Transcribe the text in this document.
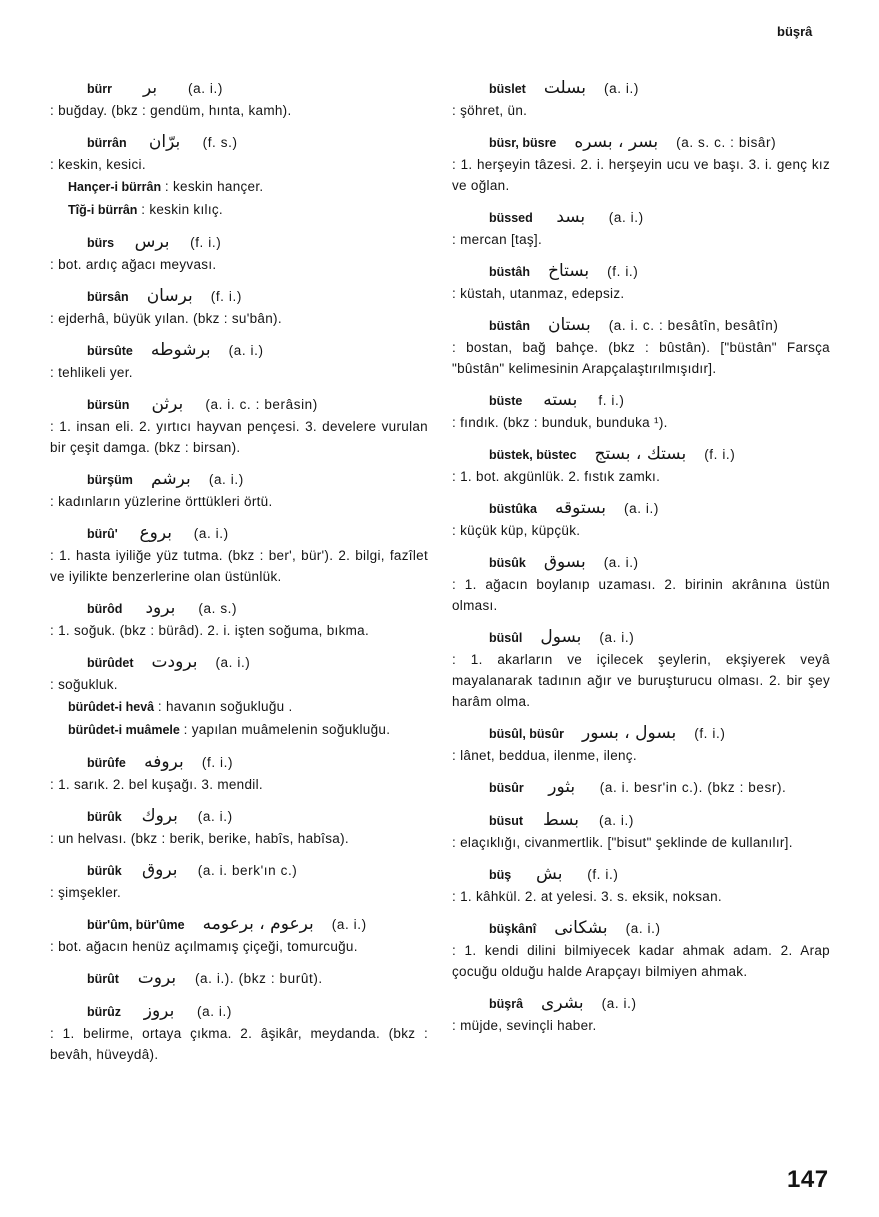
büşrâ
bürr	بر	(a. i.)
: buğday. (bkz : gendüm, hınta, kamh).
bürrân برّان	(f. s.)
: keskin, kesici.
Hançer-i bürrân : keskin hançer.
Tîğ-i bürrân : keskin kılıç.
bürs برس (f. i.)
: bot. ardıç ağacı meyvası.
bürsân برسان (f. i.)
: ejderhâ, büyük yılan. (bkz : su'bân).
bürsûte برشوطه (a. i.)
: tehlikeli yer.
bürsün برثن	(a. i. c. : berâsin)
: 1. insan eli. 2. yırtıcı hayvan pençesi. 3. develere vurulan bir çeşit damga. (bkz : birsan).
bürşüm برشم (a. i.)
: kadınların yüzlerine örttükleri örtü.
bürû' بروع (a. i.)
: 1. hasta iyiliğe yüz tutma. (bkz : ber', bür'). 2. bilgi, fazîlet ve iyilikte benzerlerine olan üstünlük.
bürôd برود	(a. s.)
: 1. soğuk. (bkz : bürâd). 2. i. işten soğuma, bıkma.
bürûdet برودت (a. i.)
: soğukluk.
bürûdet-i hevâ : havanın soğukluğu .
bürûdet-i muâmele : yapılan muâmelenin soğukluğu.
bürûfe بروفه (f. i.)
: 1. sarık. 2. bel kuşağı. 3. mendil.
bürûk بروك (a. i.)
: un helvası. (bkz : berik, berike, habîs, habîsa).
bürûk بروق (a. i. berk'ın c.)
: şimşekler.
bür'ûm, bür'ûme برعوم ، برعومه (a. i.)
: bot. ağacın henüz açılmamış çiçeği, tomurcuğu.
bürût بروت (a. i.). (bkz : burût).
bürûz بروز	(a. i.)
: 1. belirme, ortaya çıkma. 2. âşikâr, meydanda. (bkz : bevâh, hüveydâ).
büslet بسلت (a. i.)
: şöhret, ün.
büsr, büsre بسر ، بسره (a. s. c. : bisâr)
: 1. herşeyin tâzesi. 2. i. herşeyin ucu ve başı. 3. i. genç kız ve oğlan.
büssed	بسد	(a. i.)
: mercan [taş].
büstâh بستاخ (f. i.)
: küstah, utanmaz, edepsiz.
büstân بستان (a. i. c. : besâtîn, besâtîn)
: bostan, bağ bahçe. (bkz : bûstân). ["büstân" Farsça "bûstân" kelimesinin Arapçalaştırılmışıdır].
büste بسته f. i.)
: fındık. (bkz : bunduk, bunduka ¹).
büstek, büstec بستك ، بستج (f. i.)
: 1. bot. akgünlük. 2. fıstık zamkı.
büstûka بستوقه (a. i.)
: küçük küp, küpçük.
büsûk بسوق (a. i.)
: 1. ağacın boylanıp uzaması. 2. birinin akrânına üstün olması.
büsûl بسول (a. i.)
: 1. akarların ve içilecek şeylerin, ekşiyerek veyâ mayalanarak tadının ağır ve buruşturucu olması. 2. bir şey harâm olma.
büsûl, büsûr بسول ، بسور (f. i.)
: lânet, beddua, ilenme, ilenç.
büsûr	بثور	(a. i. besr'in c.). (bkz : besr).
büsut بسط (a. i.)
: elaçıklığı, civanmertlik. ["bisut" şeklinde de kullanılır].
büş	بش	(f. i.)
: 1. kâhkül. 2. at yelesi. 3. s. eksik, noksan.
büşkânî بشكانى (a. i.)
: 1. kendi dilini bilmiyecek kadar ahmak adam. 2. Arap çocuğu olduğu halde Arapçayı bilmiyen ahmak.
büşrâ بشرى (a. i.)
: müjde, sevinçli haber.
147
